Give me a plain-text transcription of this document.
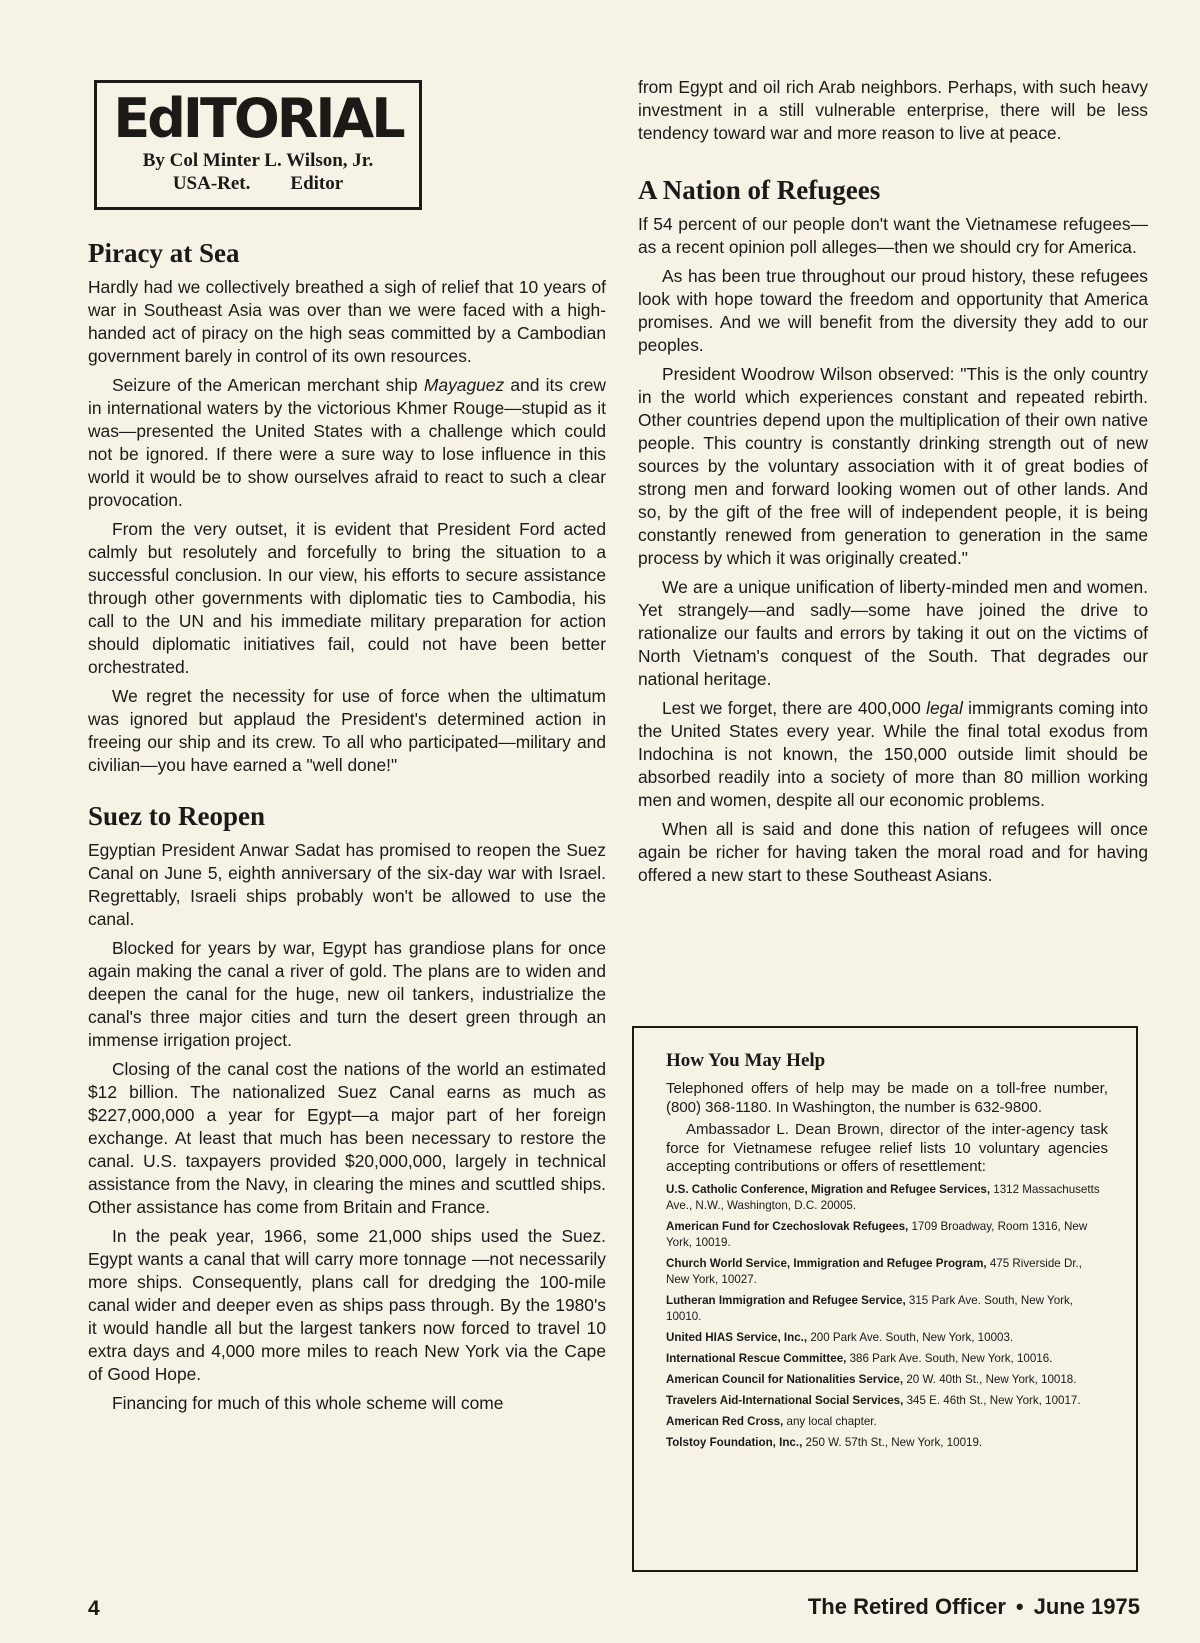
EdITORIAL
By Col Minter L. Wilson, Jr.
USA-Ret. Editor
Piracy at Sea

Hardly had we collectively breathed a sigh of relief that 10 years of war in Southeast Asia was over than we were faced with a high-handed act of piracy on the high seas committed by a Cambodian government barely in control of its own resources.

Seizure of the American merchant ship Mayaguez and its crew in international waters by the victorious Khmer Rouge—stupid as it was—presented the United States with a challenge which could not be ignored. If there were a sure way to lose influence in this world it would be to show ourselves afraid to react to such a clear provocation.

From the very outset, it is evident that President Ford acted calmly but resolutely and forcefully to bring the situation to a successful conclusion. In our view, his efforts to secure assistance through other governments with diplomatic ties to Cambodia, his call to the UN and his immediate military preparation for action should diplomatic initiatives fail, could not have been better orchestrated.

We regret the necessity for use of force when the ultimatum was ignored but applaud the President's determined action in freeing our ship and its crew. To all who participated—military and civilian—you have earned a "well done!"

Suez to Reopen

Egyptian President Anwar Sadat has promised to reopen the Suez Canal on June 5, eighth anniversary of the six-day war with Israel. Regrettably, Israeli ships probably won't be allowed to use the canal.

Blocked for years by war, Egypt has grandiose plans for once again making the canal a river of gold. The plans are to widen and deepen the canal for the huge, new oil tankers, industrialize the canal's three major cities and turn the desert green through an immense irrigation project.

Closing of the canal cost the nations of the world an estimated $12 billion. The nationalized Suez Canal earns as much as $227,000,000 a year for Egypt—a major part of her foreign exchange. At least that much has been necessary to restore the canal. U.S. taxpayers provided $20,000,000, largely in technical assistance from the Navy, in clearing the mines and scuttled ships. Other assistance has come from Britain and France.

In the peak year, 1966, some 21,000 ships used the Suez. Egypt wants a canal that will carry more tonnage —not necessarily more ships. Consequently, plans call for dredging the 100-mile canal wider and deeper even as ships pass through. By the 1980's it would handle all but the largest tankers now forced to travel 10 extra days and 4,000 more miles to reach New York via the Cape of Good Hope.

Financing for much of this whole scheme will come

from Egypt and oil rich Arab neighbors. Perhaps, with such heavy investment in a still vulnerable enterprise, there will be less tendency toward war and more reason to live at peace.

A Nation of Refugees

If 54 percent of our people don't want the Vietnamese refugees—as a recent opinion poll alleges—then we should cry for America.

As has been true throughout our proud history, these refugees look with hope toward the freedom and opportunity that America promises. And we will benefit from the diversity they add to our peoples.

President Woodrow Wilson observed: "This is the only country in the world which experiences constant and repeated rebirth. Other countries depend upon the multiplication of their own native people. This country is constantly drinking strength out of new sources by the voluntary association with it of great bodies of strong men and forward looking women out of other lands. And so, by the gift of the free will of independent people, it is being constantly renewed from generation to generation in the same process by which it was originally created."

We are a unique unification of liberty-minded men and women. Yet strangely—and sadly—some have joined the drive to rationalize our faults and errors by taking it out on the victims of North Vietnam's conquest of the South. That degrades our national heritage.

Lest we forget, there are 400,000 legal immigrants coming into the United States every year. While the final total exodus from Indochina is not known, the 150,000 outside limit should be absorbed readily into a society of more than 80 million working men and women, despite all our economic problems.

When all is said and done this nation of refugees will once again be richer for having taken the moral road and for having offered a new start to these Southeast Asians.

How You May Help

Telephoned offers of help may be made on a toll-free number, (800) 368-1180. In Washington, the number is 632-9800.

Ambassador L. Dean Brown, director of the inter-agency task force for Vietnamese refugee relief lists 10 voluntary agencies accepting contributions or offers of resettlement:

U.S. Catholic Conference, Migration and Refugee Services, 1312 Massachusetts Ave., N.W., Washington, D.C. 20005.
American Fund for Czechoslovak Refugees, 1709 Broadway, Room 1316, New York, 10019.
Church World Service, Immigration and Refugee Program, 475 Riverside Dr., New York, 10027.
Lutheran Immigration and Refugee Service, 315 Park Ave. South, New York, 10010.
United HIAS Service, Inc., 200 Park Ave. South, New York, 10003.
International Rescue Committee, 386 Park Ave. South, New York, 10016.
American Council for Nationalities Service, 20 W. 40th St., New York, 10018.
Travelers Aid-International Social Services, 345 E. 46th St., New York, 10017.
American Red Cross, any local chapter.
Tolstoy Foundation, Inc., 250 W. 57th St., New York, 10019.
4	The Retired Officer • June 1975
